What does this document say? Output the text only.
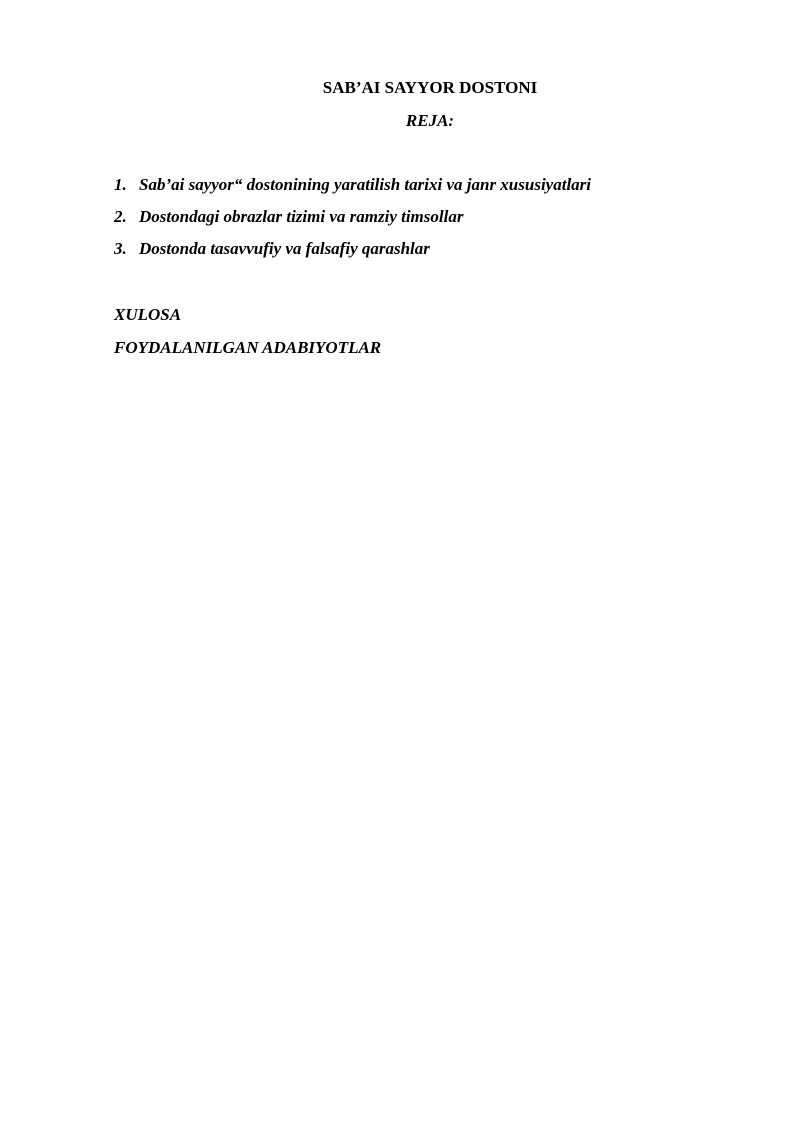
SAB’AI SAYYOR DOSTONI
REJA:
1. Sab’ai sayyor“ dostonining yaratilish tarixi va janr xususiyatlari
2. Dostondagi obrazlar tizimi va ramziy timsollar
3. Dostonda tasavvufiy va falsafiy qarashlar

XULOSA

FOYDALANILGAN ADABIYOTLAR
